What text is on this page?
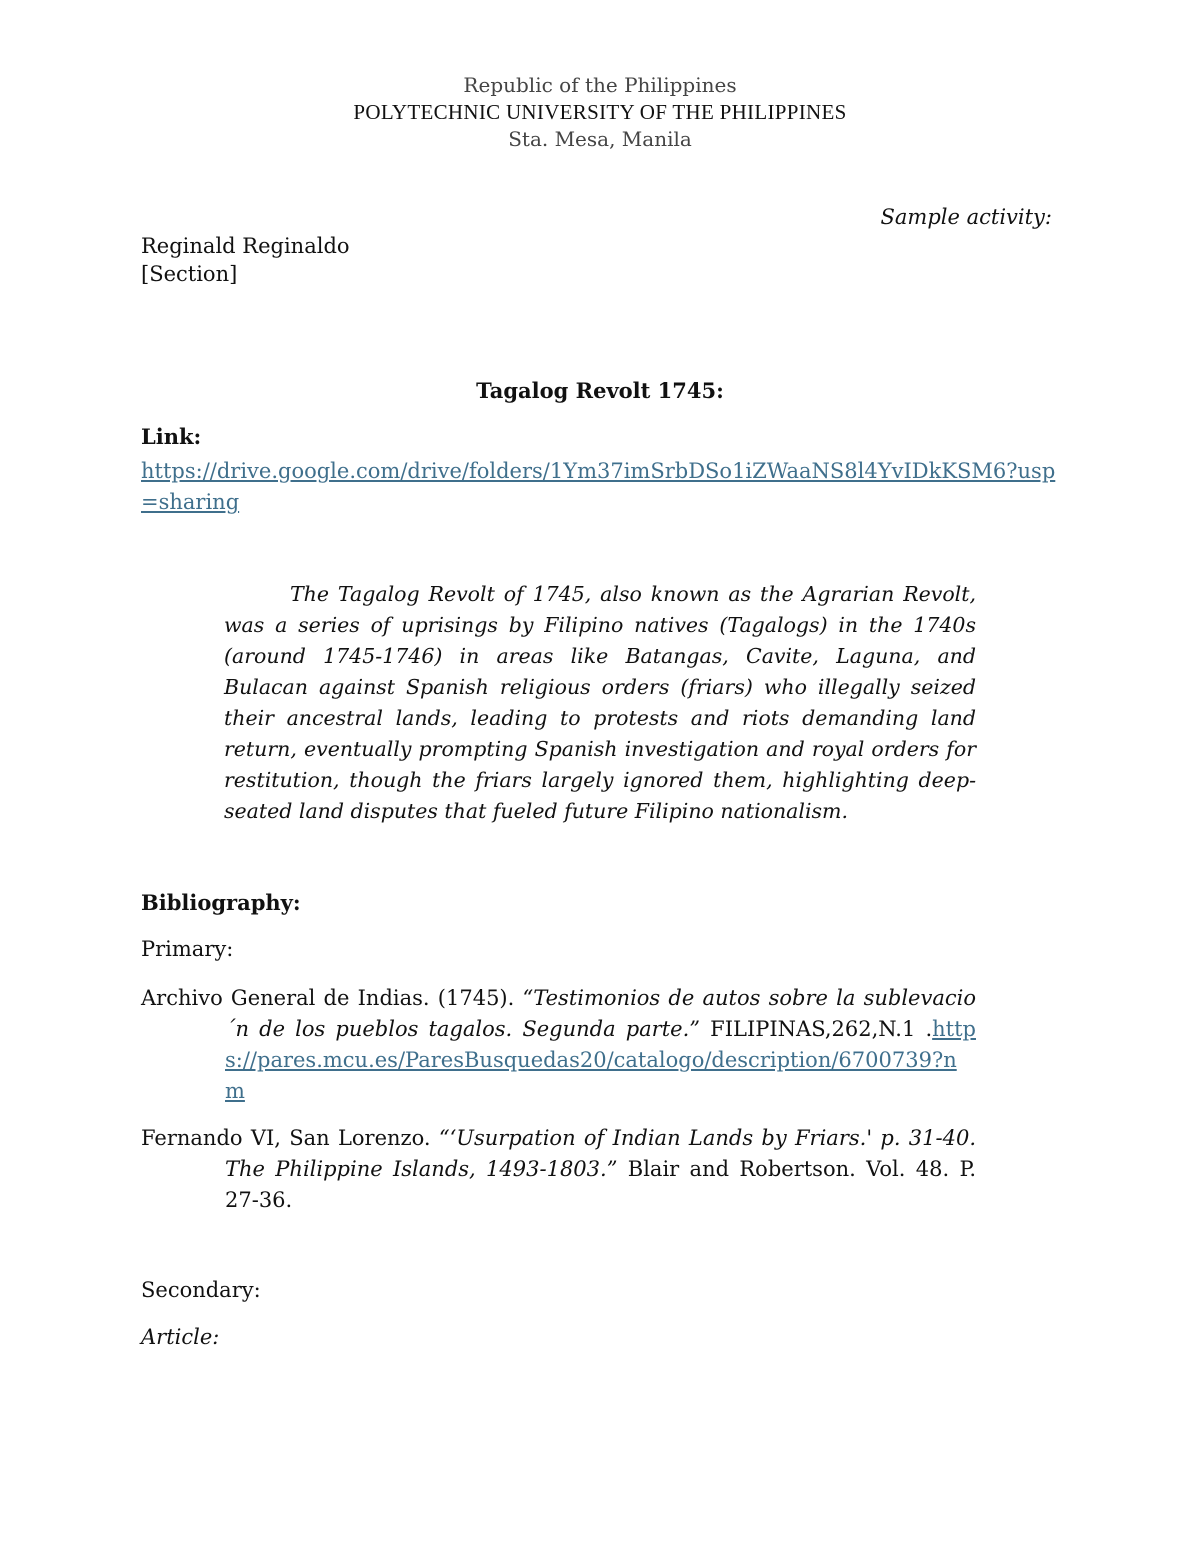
Republic of the Philippines
POLYTECHNIC UNIVERSITY OF THE PHILIPPINES
Sta. Mesa, Manila
Sample activity:
Reginald Reginaldo
[Section]
Tagalog Revolt 1745:
Link:
https://drive.google.com/drive/folders/1Ym37imSrbDSo1iZWaaNS8l4YvIDkKSM6?usp=sharing
The Tagalog Revolt of 1745, also known as the Agrarian Revolt, was a series of uprisings by Filipino natives (Tagalogs) in the 1740s (around 1745-1746) in areas like Batangas, Cavite, Laguna, and Bulacan against Spanish religious orders (friars) who illegally seized their ancestral lands, leading to protests and riots demanding land return, eventually prompting Spanish investigation and royal orders for restitution, though the friars largely ignored them, highlighting deep-seated land disputes that fueled future Filipino nationalism.
Bibliography:
Primary:
Archivo General de Indias. (1745). “Testimonios de autos sobre la sublevacio´n de los pueblos tagalos. Segunda parte.” FILIPINAS,262,N.1 .https://pares.mcu.es/ParesBusquedas20/catalogo/description/6700739?nm
Fernando VI, San Lorenzo. “‘Usurpation of Indian Lands by Friars.' p. 31-40. The Philippine Islands, 1493-1803.” Blair and Robertson. Vol. 48. P. 27-36.
Secondary:
Article:
